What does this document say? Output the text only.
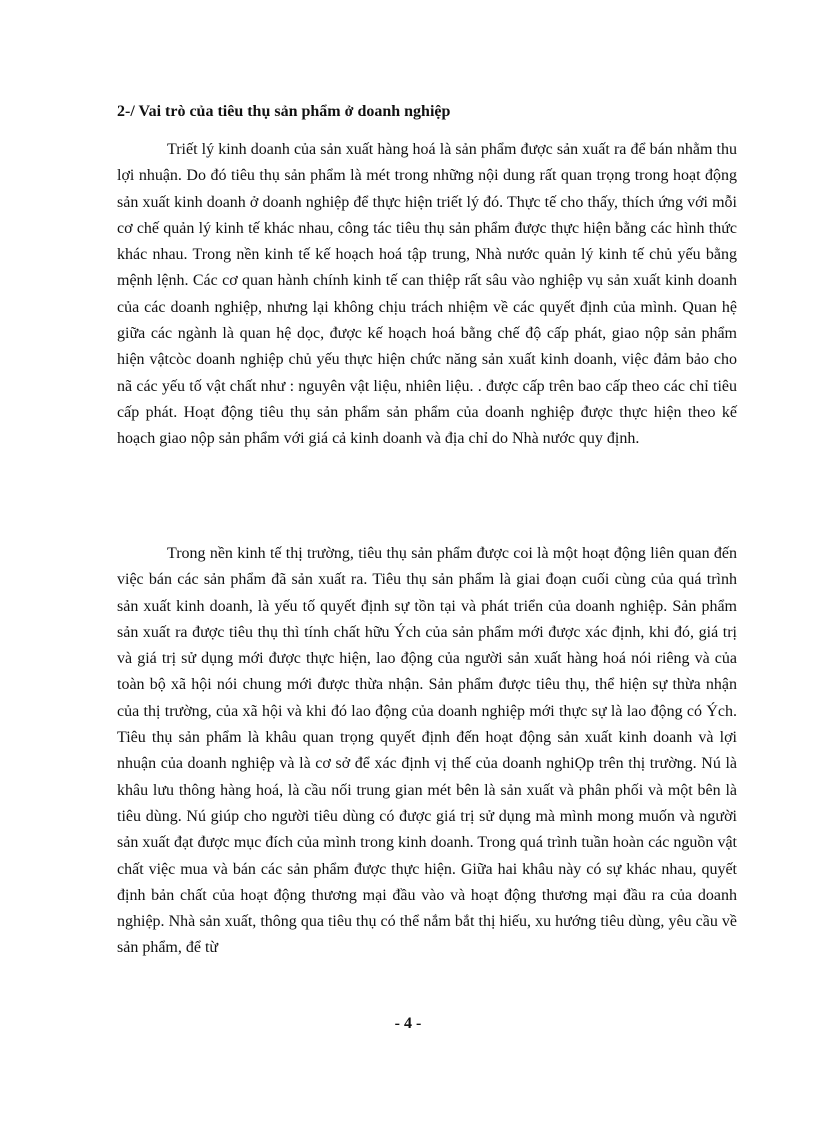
2-/ Vai trò của tiêu thụ sản phẩm ở doanh nghiệp

Triết lý kinh doanh của sản xuất hàng hoá là sản phẩm được sản xuất ra để bán nhằm thu lợi nhuận. Do đó tiêu thụ sản phẩm là mét trong những nội dung rất quan trọng trong hoạt động sản xuất kinh doanh ở doanh nghiệp để thực hiện triết lý đó. Thực tế cho thấy, thích ứng với mỗi cơ chế quản lý kinh tế khác nhau, công tác tiêu thụ sản phẩm được thực hiện bằng các hình thức khác nhau. Trong nền kinh tế kế hoạch hoá tập trung, Nhà nước quản lý kinh tế chủ yếu bằng mệnh lệnh. Các cơ quan hành chính kinh tế can thiệp rất sâu vào nghiệp vụ sản xuất kinh doanh của các doanh nghiệp, nhưng lại không chịu trách nhiệm về các quyết định của mình. Quan hệ giữa các ngành là quan hệ dọc, được kế hoạch hoá bằng chế độ cấp phát, giao nộp sản phẩm hiện vậtcòc doanh nghiệp chủ yếu thực hiện chức năng sản xuất kinh doanh, việc đảm bảo cho nã các yếu tố vật chất như : nguyên vật liệu, nhiên liệu. . được cấp trên bao cấp theo các chỉ tiêu cấp phát. Hoạt động tiêu thụ sản phẩm sản phẩm của doanh nghiệp được thực hiện theo kế hoạch giao nộp sản phẩm với giá cả kinh doanh và địa chỉ do Nhà nước quy định.

Trong nền kinh tế thị trường, tiêu thụ sản phẩm được coi là một hoạt động liên quan đến việc bán các sản phẩm đã sản xuất ra. Tiêu thụ sản phẩm là giai đoạn cuối cùng của quá trình sản xuất kinh doanh, là yếu tố quyết định sự tồn tại và phát triển của doanh nghiệp. Sản phẩm sản xuất ra được tiêu thụ thì tính chất hữu Ých của sản phẩm mới được xác định, khi đó, giá trị và giá trị sử dụng mới được thực hiện, lao động của người sản xuất hàng hoá nói riêng và của toàn bộ xã hội nói chung mới được thừa nhận. Sản phẩm được tiêu thụ, thể hiện sự thừa nhận của thị trường, của xã hội và khi đó lao động của doanh nghiệp mới thực sự là lao động có Ých. Tiêu thụ sản phẩm là khâu quan trọng quyết định đến hoạt động sản xuất kinh doanh và lợi nhuận của doanh nghiệp và là cơ sở để xác định vị thế của doanh nghiỌp trên thị trường. Nú là khâu lưu thông hàng hoá, là cầu nối trung gian mét bên là sản xuất và phân phối và một bên là tiêu dùng. Nú giúp cho người tiêu dùng có được giá trị sử dụng mà mình mong muốn và người sản xuất đạt được mục đích của mình trong kinh doanh. Trong quá trình tuần hoàn các nguồn vật chất việc mua và bán các sản phẩm được thực hiện. Giữa hai khâu này có sự khác nhau, quyết định bản chất của hoạt động thương mại đầu vào và hoạt động thương mại đầu ra của doanh nghiệp. Nhà sản xuất, thông qua tiêu thụ có thể nắm bắt thị hiếu, xu hướng tiêu dùng, yêu cầu về sản phẩm, để từ

- 4 -
